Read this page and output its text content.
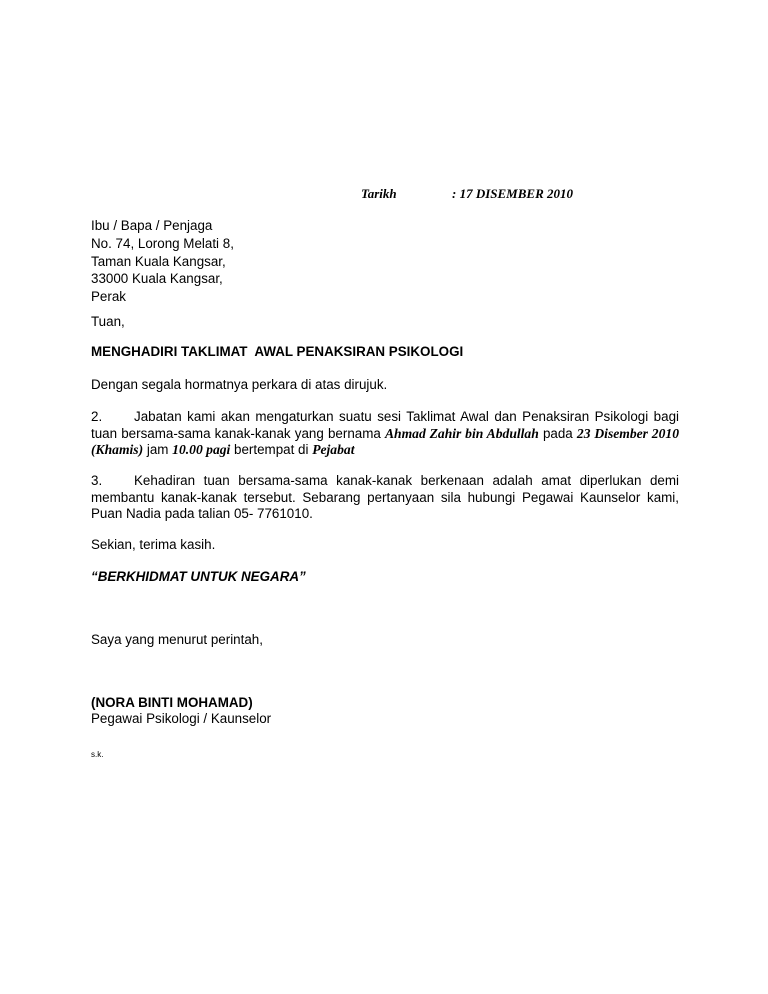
Tarikh	: 17 DISEMBER 2010
Ibu / Bapa / Penjaga
No. 74, Lorong Melati 8,
Taman Kuala Kangsar,
33000 Kuala Kangsar,
Perak
Tuan,
MENGHADIRI TAKLIMAT  AWAL PENAKSIRAN PSIKOLOGI
Dengan segala hormatnya perkara di atas dirujuk.
2. Jabatan kami akan mengaturkan suatu sesi Taklimat Awal dan Penaksiran Psikologi bagi tuan bersama-sama kanak-kanak yang bernama Ahmad Zahir bin Abdullah pada 23 Disember 2010 (Khamis) jam 10.00 pagi bertempat di Pejabat
3. Kehadiran tuan bersama-sama kanak-kanak berkenaan adalah amat diperlukan demi membantu kanak-kanak tersebut. Sebarang pertanyaan sila hubungi Pegawai Kaunselor kami, Puan Nadia pada talian 05- 7761010.
Sekian, terima kasih.
“BERKHIDMAT UNTUK NEGARA”
Saya yang menurut perintah,
(NORA BINTI MOHAMAD)
Pegawai Psikologi / Kaunselor
s.k.
